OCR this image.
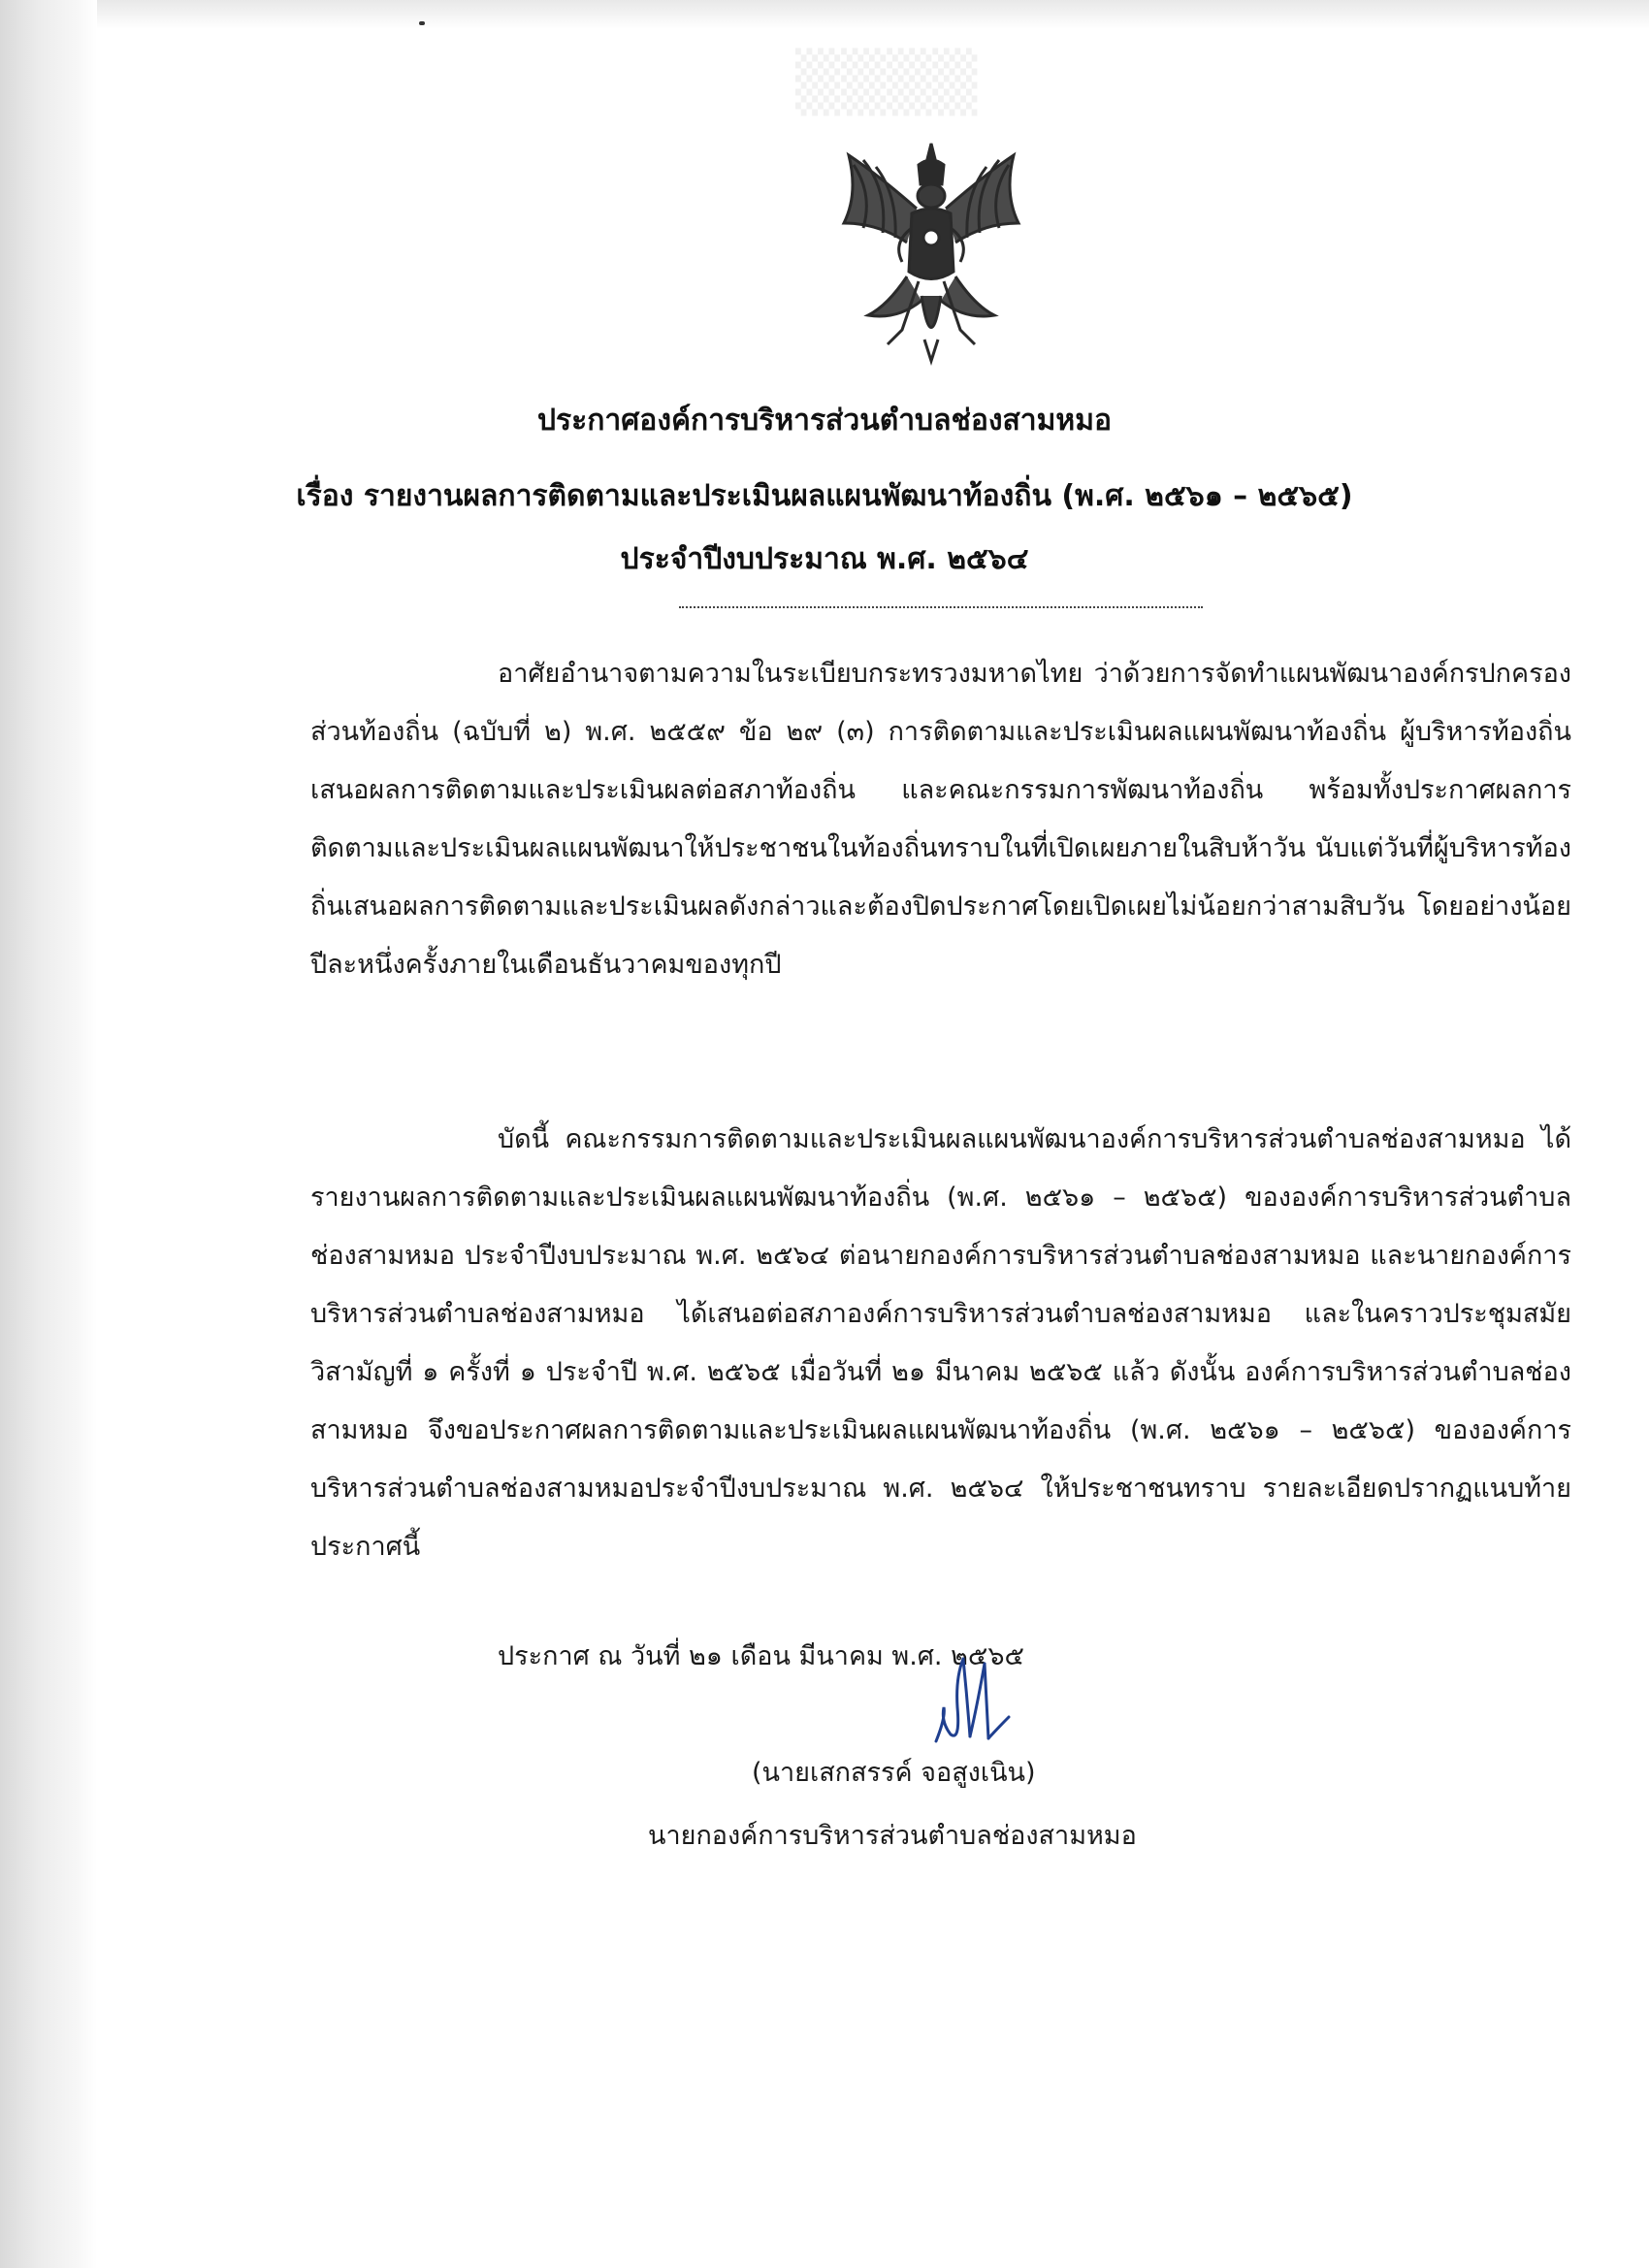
▒▒▒▒
ประกาศองค์การบริหารส่วนตำบลช่องสามหมอ
เรื่อง รายงานผลการติดตามและประเมินผลแผนพัฒนาท้องถิ่น (พ.ศ. ๒๕๖๑ – ๒๕๖๕)
ประจำปีงบประมาณ พ.ศ. ๒๕๖๔
อาศัยอำนาจตามความในระเบียบกระทรวงมหาดไทย ว่าด้วยการจัดทำแผนพัฒนาองค์กรปกครองส่วนท้องถิ่น (ฉบับที่ ๒) พ.ศ. ๒๕๕๙ ข้อ ๒๙ (๓) การติดตามและประเมินผลแผนพัฒนาท้องถิ่น ผู้บริหารท้องถิ่นเสนอผลการติดตามและประเมินผลต่อสภาท้องถิ่น และคณะกรรมการพัฒนาท้องถิ่น พร้อมทั้งประกาศผลการติดตามและประเมินผลแผนพัฒนาให้ประชาชนในท้องถิ่นทราบในที่เปิดเผยภายในสิบห้าวัน นับแต่วันที่ผู้บริหารท้องถิ่นเสนอผลการติดตามและประเมินผลดังกล่าวและต้องปิดประกาศโดยเปิดเผยไม่น้อยกว่าสามสิบวัน โดยอย่างน้อยปีละหนึ่งครั้งภายในเดือนธันวาคมของทุกปี
บัดนี้ คณะกรรมการติดตามและประเมินผลแผนพัฒนาองค์การบริหารส่วนตำบลช่องสามหมอ ได้รายงานผลการติดตามและประเมินผลแผนพัฒนาท้องถิ่น (พ.ศ. ๒๕๖๑ – ๒๕๖๕) ขององค์การบริหารส่วนตำบลช่องสามหมอ ประจำปีงบประมาณ พ.ศ. ๒๕๖๔ ต่อนายกองค์การบริหารส่วนตำบลช่องสามหมอ และนายกองค์การบริหารส่วนตำบลช่องสามหมอ ได้เสนอต่อสภาองค์การบริหารส่วนตำบลช่องสามหมอ และในคราวประชุมสมัยวิสามัญที่ ๑ ครั้งที่ ๑ ประจำปี พ.ศ. ๒๕๖๕ เมื่อวันที่ ๒๑ มีนาคม ๒๕๖๕ แล้ว ดังนั้น องค์การบริหารส่วนตำบลช่องสามหมอ จึงขอประกาศผลการติดตามและประเมินผลแผนพัฒนาท้องถิ่น (พ.ศ. ๒๕๖๑ – ๒๕๖๕) ขององค์การบริหารส่วนตำบลช่องสามหมอประจำปีงบประมาณ พ.ศ. ๒๕๖๔ ให้ประชาชนทราบ รายละเอียดปรากฏแนบท้ายประกาศนี้
ประกาศ ณ วันที่ ๒๑ เดือน มีนาคม พ.ศ. ๒๕๖๕
(นายเสกสรรค์ จอสูงเนิน)
นายกองค์การบริหารส่วนตำบลช่องสามหมอ
